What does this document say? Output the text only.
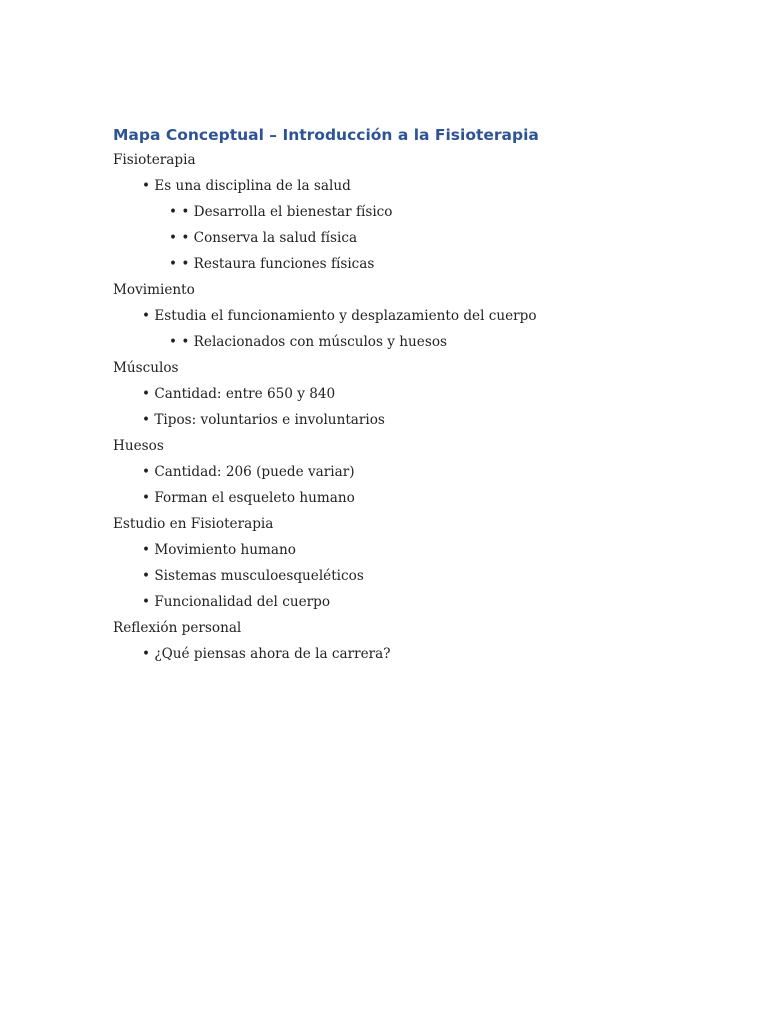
Mapa Conceptual – Introducción a la Fisioterapia
Fisioterapia
• Es una disciplina de la salud
• • Desarrolla el bienestar físico
• • Conserva la salud física
• • Restaura funciones físicas
Movimiento
• Estudia el funcionamiento y desplazamiento del cuerpo
• • Relacionados con músculos y huesos
Músculos
• Cantidad: entre 650 y 840
• Tipos: voluntarios e involuntarios
Huesos
• Cantidad: 206 (puede variar)
• Forman el esqueleto humano
Estudio en Fisioterapia
• Movimiento humano
• Sistemas musculoesqueléticos
• Funcionalidad del cuerpo
Reflexión personal
• ¿Qué piensas ahora de la carrera?
